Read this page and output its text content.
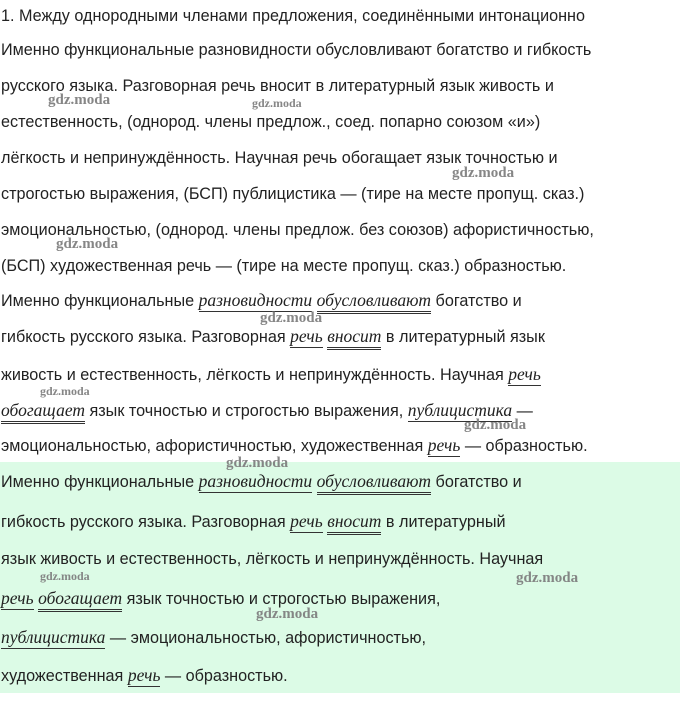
1. Между однородными членами предложения, соединёнными интонационно
Именно функциональные разновидности обусловливают богатство и гибкость
русского языка. Разговорная речь вносит в литературный язык живость и
естественность, (однород. члены предлож., соед. попарно союзом «и»)
лёгкость и непринуждённость. Научная речь обогащает язык точностью и
строгостью выражения, (БСП) публицистика — (тире на месте пропущ. сказ.)
эмоциональностью, (однород. члены предлож. без союзов) афористичностью,
(БСП) художественная речь — (тире на месте пропущ. сказ.) образностью.
Именно функциональные разновидности обусловливают богатство и
гибкость русского языка. Разговорная речь вносит в литературный язык
живость и естественность, лёгкость и непринуждённость. Научная речь
обогащает язык точностью и строгостью выражения, публицистика —
эмоциональностью, афористичностью, художественная речь — образностью.
Именно функциональные разновидности обусловливают богатство и
гибкость русского языка. Разговорная речь вносит в литературный
язык живость и естественность, лёгкость и непринуждённость. Научная
речь обогащает язык точностью и строгостью выражения,
публицистика — эмоциональностью, афористичностью,
художественная речь — образностью.
gdz.moda	gdz.moda
gdz.moda
gdz.moda
gdz.moda
gdz.moda
gdz.moda
gdz.moda
gdz.moda	gdz.moda
gdz.moda
